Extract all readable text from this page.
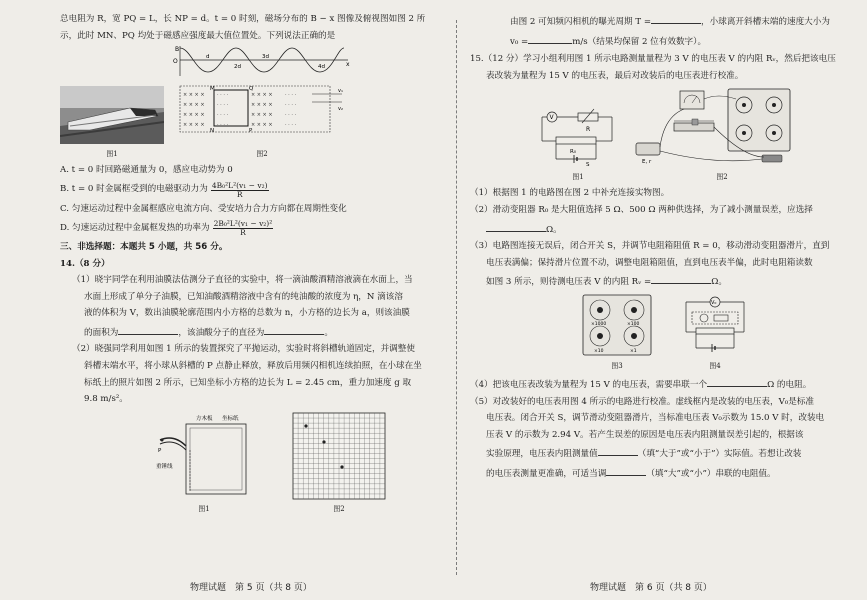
总电阻为 R，宽 PQ = L，长 NP = d。t = 0 时刻，磁场分布的 B − x 图像及俯视图如图 2 所

示，此时 MN、PQ 均处于磁感应强度最大值位置处。下列说法正确的是

图1
B
O	x
d
2d
3d
4d
× × × ×
× × × ×
× × × ×
× × × ×
· · · ·
· · · ·
· · · ·
· · · ·
× × × ×
× × × ×
× × × ×
× × × ×
· · · ·
· · · ·
· · · ·
· · · ·
M
N
Q
P
v₁
v₂
图2

A. t = 0 时回路磁通量为 0，感应电动势为 0

B. t = 0 时金属框受到的电磁驱动力为 $\frac{\text{4B₀²L²(v₁ − v₂)}}{R}$

C. 匀速运动过程中金属框感应电流方向、受安培力合力方向都在周期性变化

D. 匀速运动过程中金属框发热的功率为 $\frac{\text{2B₀²L²(v₁ − v₂)²}}{R}$

三、非选择题：本题共 5 小题，共 56 分。

14.（8 分）

（1）晓宇同学在利用油膜法估测分子直径的实验中，将一滴油酸酒精溶液滴在水面上，当

水面上形成了单分子油膜，已知油酸酒精溶液中含有的纯油酸的浓度为 η，N 滴该溶

液的体积为 V，数出油膜轮廓范围内小方格的总数为 n，小方格的边长为 a，则该油膜

的面积为	，该油酸分子的直径为	。

（2）晓强同学利用如图 1 所示的装置探究了平抛运动，实验时将斜槽轨道固定，并调整使

斜槽末端水平，将小球从斜槽的 P 点静止释放，释放后用频闪相机连续拍照，在小球在坐

标纸上的照片如图 2 所示，已知坐标小方格的边长为 L = 2.45 cm，重力加速度 g 取

9.8 m/s²。

方木板 坐标纸
重锤线
P
图1	图2
物理试题　第 5 页（共 8 页）

由图 2 可知频闪相机的曝光周期 T =	，小球离开斜槽末端的速度大小为

v₀ =	m/s（结果均保留 2 位有效数字）。

15.（12 分）学习小组利用图 1 所示电路测量量程为 3 V 的电压表 V 的内阻 Rᵥ，然后把该电压

表改装为量程为 15 V 的电压表，最后对改装后的电压表进行校准。

V
R
R₀
S
图1
E, r
图2

（1）根据图 1 的电路图在图 2 中补充连接实物图。

（2）滑动变阻器 R₀ 是大阻值选择 5 Ω、500 Ω 两种供选择，为了减小测量误差，应选择

Ω。

（3）电路图连接无误后，闭合开关 S，并调节电阻箱阻值 R = 0，移动滑动变阻器滑片，直到

电压表满偏；保持滑片位置不动，调整电阻箱阻值，直到电压表半偏，此时电阻箱读数

如图 3 所示，则待测电压表 V 的内阻 Rᵥ =	Ω。

×1000	×100
×10	×1
图3
V₀
图4

（4）把该电压表改装为量程为 15 V 的电压表，需要串联一个	Ω 的电阻。

（5）对改装好的电压表用图 4 所示的电路进行校准。虚线框内是改装的电压表，V₀是标准

电压表。闭合开关 S，调节滑动变阻器滑片，当标准电压表 V₀示数为 15.0 V 时，改装电

压表 V 的示数为 2.94 V。若产生误差的原因是电压表内阻测量误差引起的，根据该

实验原理，电压表内阻测量值	（填“大于”或“小于”）实际值。若想让改装

的电压表测量更准确，可适当调	（填“大”或“小”）串联的电阻值。

物理试题　第 6 页（共 8 页）
